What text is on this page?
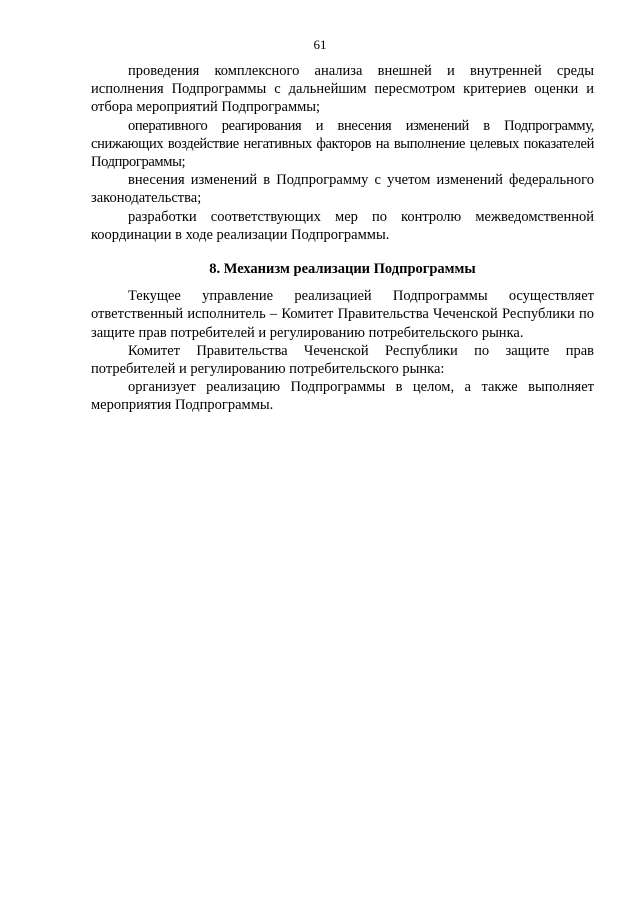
61

проведения комплексного анализа внешней и внутренней среды исполнения Подпрограммы с дальнейшим пересмотром критериев оценки и отбора мероприятий Подпрограммы;

оперативного реагирования и внесения изменений в Подпрограмму, снижающих воздействие негативных факторов на выполнение целевых показателей Подпрограммы;

внесения изменений в Подпрограмму с учетом изменений федерального законодательства;

разработки соответствующих мер по контролю межведомственной координации в ходе реализации Подпрограммы.

8. Механизм реализации Подпрограммы

Текущее управление реализацией Подпрограммы осуществляет ответственный исполнитель – Комитет Правительства Чеченской Республики по защите прав потребителей и регулированию потребительского рынка.

Комитет Правительства Чеченской Республики по защите прав потребителей и регулированию потребительского рынка:

организует реализацию Подпрограммы в целом, а также выполняет мероприятия Подпрограммы.
